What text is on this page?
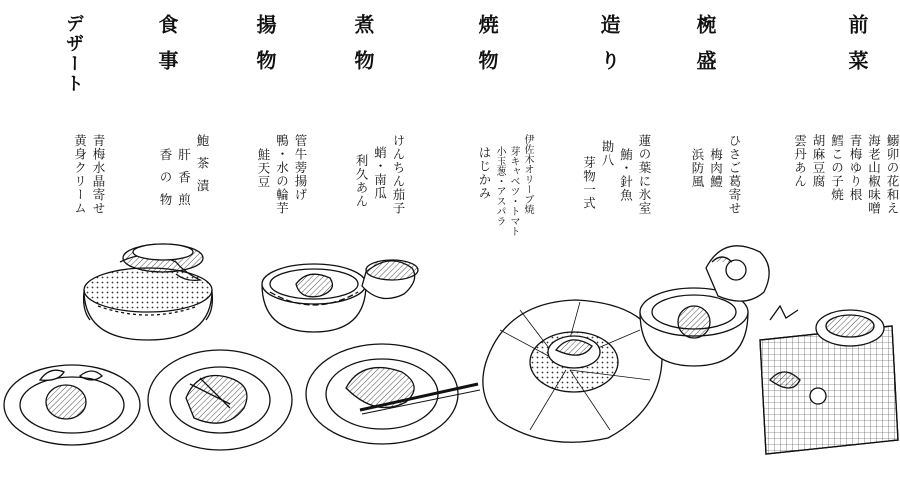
前菜
鰯卯の花和え
海老山椒味噌
青梅ゆり根
鱈この子焼
胡麻豆腐
雲丹あん
椀盛
ひさご葛寄せ
梅肉鱧
浜防風
造り
蓮の葉に氷室
鮪・針魚
勘八
芽物一式
焼物
伊佐木オリーブ焼
芽キャベツ・トマト
小玉葱・アスパラ
はじかみ
煮物
けんちん茄子
蛸・南瓜
利久あん
揚物
管牛蒡揚げ
鴨・水の輪芋
鮭天豆
食事
鮑茶漬
肝香煎
香の物
デザート
青梅水晶寄せ
黄身クリーム
